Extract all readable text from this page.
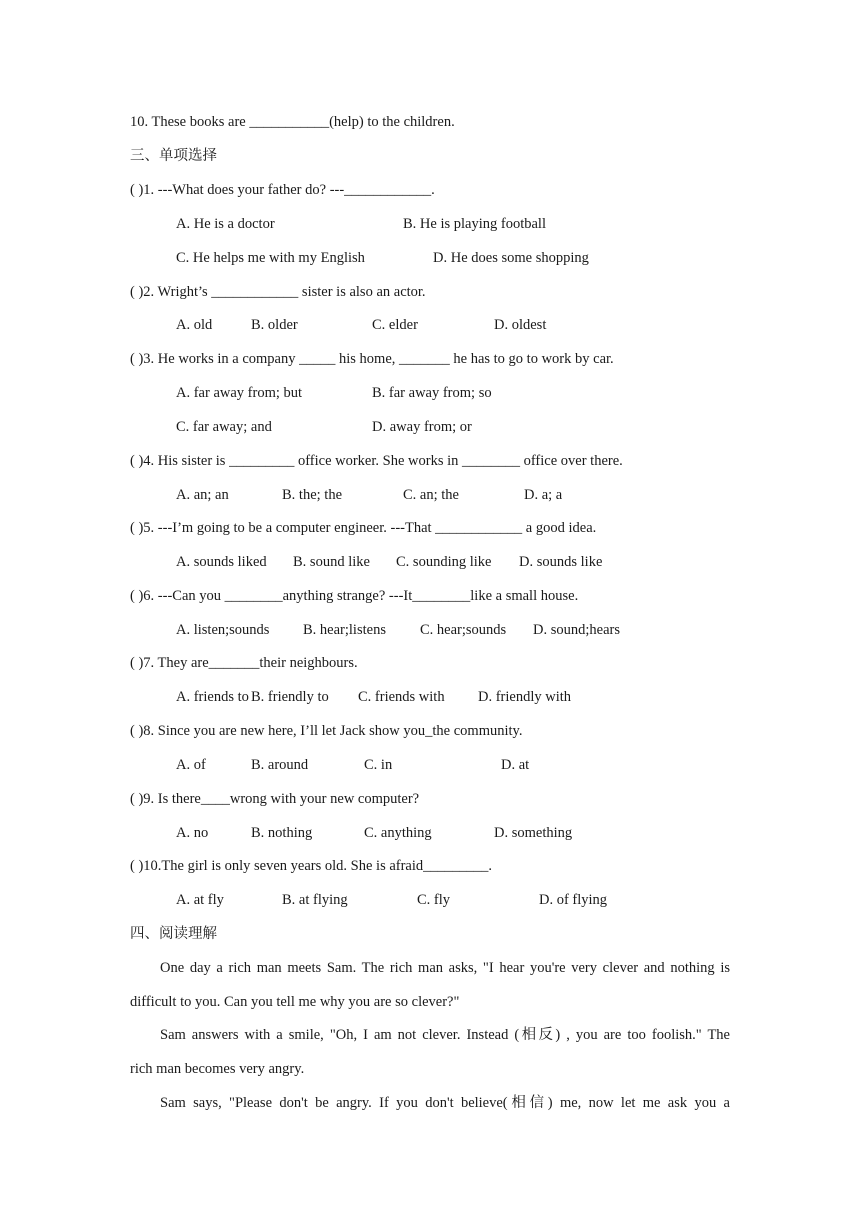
10. These books are ___________(help) to the children.
三、单项选择
( )1. ---What does your father do? ---____________.
A. He is a doctor	B. He is playing football
C. He helps me with my English	D. He does some shopping
( )2. Wright’s ____________ sister is also an actor.
A. old	B. older	C. elder	D. oldest
( )3. He works in a company _____ his home, _______ he has to go to work by car.
A. far away from; but	B. far away from; so
C. far away; and	D. away from; or
( )4. His sister is _________ office worker. She works in ________ office over there.
A. an; an	B. the; the	C. an; the	D. a; a
( )5. ---I’m going to be a computer engineer. ---That ____________ a good idea.
A. sounds liked B. sound like C. sounding like D. sounds like
( )6. ---Can you ________anything strange? ---It________like a small house.
A. listen;sounds B. hear;listens C. hear;sounds D. sound;hears
( )7. They are_______their neighbours.
A. friends to B. friendly to C. friends with D. friendly with
( )8. Since you are new here, I’ll let Jack show you_the community.
A. of	B. around	C. in	D. at
( )9. Is there____wrong with your new computer?
A. no	B. nothing	C. anything	D. something
( )10.The girl is only seven years old. She is afraid_________.
A. at fly	B. at flying	C. fly	D. of flying
四、阅读理解
One day a rich man meets Sam. The rich man asks, "I hear you're very clever and nothing is
difficult to you. Can you tell me why you are so clever?"
Sam answers with a smile, "Oh, I am not clever. Instead (相反) , you are too foolish." The
rich man becomes very angry.
Sam says, "Please don't be angry. If you don't believe(相信) me, now let me ask you a
